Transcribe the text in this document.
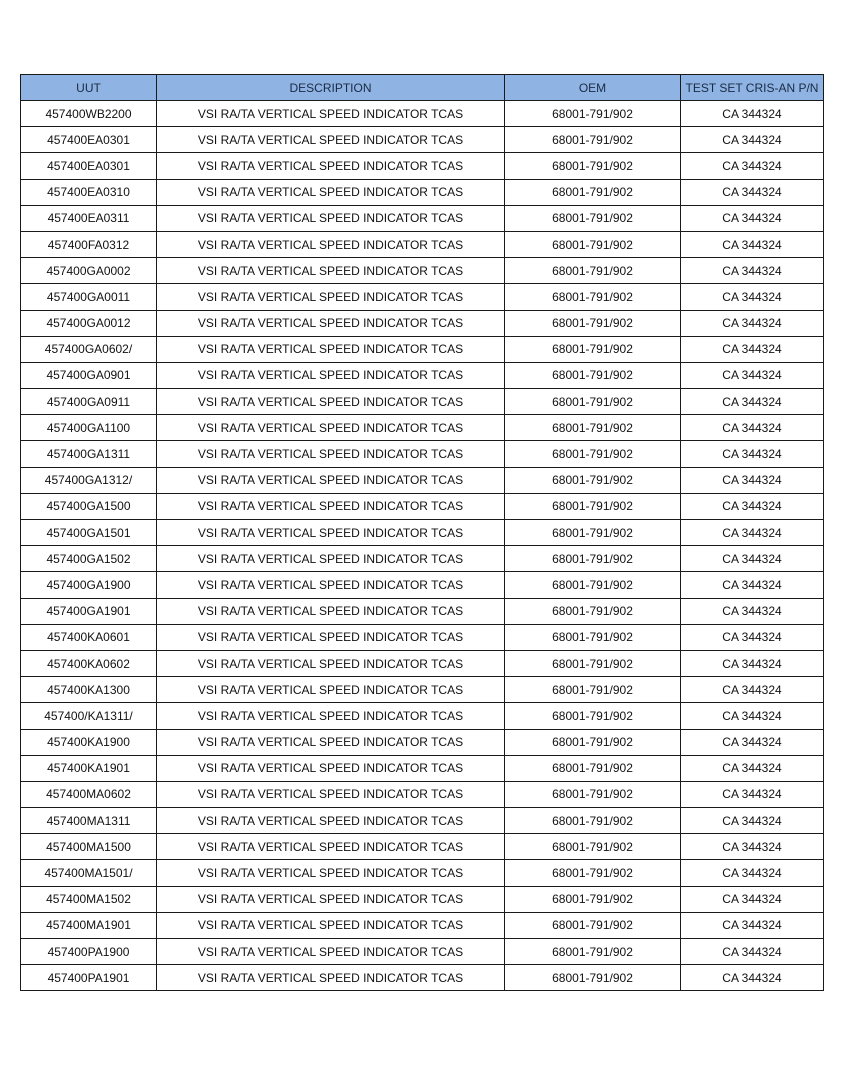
UUT	DESCRIPTION	OEM	TEST SET CRIS-AN P/N
457400WB2200	VSI RA/TA VERTICAL SPEED INDICATOR TCAS	68001-791/902	CA 344324
457400EA0301	VSI RA/TA VERTICAL SPEED INDICATOR TCAS	68001-791/902	CA 344324
457400EA0301	VSI RA/TA VERTICAL SPEED INDICATOR TCAS	68001-791/902	CA 344324
457400EA0310	VSI RA/TA VERTICAL SPEED INDICATOR TCAS	68001-791/902	CA 344324
457400EA0311	VSI RA/TA VERTICAL SPEED INDICATOR TCAS	68001-791/902	CA 344324
457400FA0312	VSI RA/TA VERTICAL SPEED INDICATOR TCAS	68001-791/902	CA 344324
457400GA0002	VSI RA/TA VERTICAL SPEED INDICATOR TCAS	68001-791/902	CA 344324
457400GA0011	VSI RA/TA VERTICAL SPEED INDICATOR TCAS	68001-791/902	CA 344324
457400GA0012	VSI RA/TA VERTICAL SPEED INDICATOR TCAS	68001-791/902	CA 344324
457400GA0602/	VSI RA/TA VERTICAL SPEED INDICATOR TCAS	68001-791/902	CA 344324
457400GA0901	VSI RA/TA VERTICAL SPEED INDICATOR TCAS	68001-791/902	CA 344324
457400GA0911	VSI RA/TA VERTICAL SPEED INDICATOR TCAS	68001-791/902	CA 344324
457400GA1100	VSI RA/TA VERTICAL SPEED INDICATOR TCAS	68001-791/902	CA 344324
457400GA1311	VSI RA/TA VERTICAL SPEED INDICATOR TCAS	68001-791/902	CA 344324
457400GA1312/	VSI RA/TA VERTICAL SPEED INDICATOR TCAS	68001-791/902	CA 344324
457400GA1500	VSI RA/TA VERTICAL SPEED INDICATOR TCAS	68001-791/902	CA 344324
457400GA1501	VSI RA/TA VERTICAL SPEED INDICATOR TCAS	68001-791/902	CA 344324
457400GA1502	VSI RA/TA VERTICAL SPEED INDICATOR TCAS	68001-791/902	CA 344324
457400GA1900	VSI RA/TA VERTICAL SPEED INDICATOR TCAS	68001-791/902	CA 344324
457400GA1901	VSI RA/TA VERTICAL SPEED INDICATOR TCAS	68001-791/902	CA 344324
457400KA0601	VSI RA/TA VERTICAL SPEED INDICATOR TCAS	68001-791/902	CA 344324
457400KA0602	VSI RA/TA VERTICAL SPEED INDICATOR TCAS	68001-791/902	CA 344324
457400KA1300	VSI RA/TA VERTICAL SPEED INDICATOR TCAS	68001-791/902	CA 344324
457400/KA1311/	VSI RA/TA VERTICAL SPEED INDICATOR TCAS	68001-791/902	CA 344324
457400KA1900	VSI RA/TA VERTICAL SPEED INDICATOR TCAS	68001-791/902	CA 344324
457400KA1901	VSI RA/TA VERTICAL SPEED INDICATOR TCAS	68001-791/902	CA 344324
457400MA0602	VSI RA/TA VERTICAL SPEED INDICATOR TCAS	68001-791/902	CA 344324
457400MA1311	VSI RA/TA VERTICAL SPEED INDICATOR TCAS	68001-791/902	CA 344324
457400MA1500	VSI RA/TA VERTICAL SPEED INDICATOR TCAS	68001-791/902	CA 344324
457400MA1501/	VSI RA/TA VERTICAL SPEED INDICATOR TCAS	68001-791/902	CA 344324
457400MA1502	VSI RA/TA VERTICAL SPEED INDICATOR TCAS	68001-791/902	CA 344324
457400MA1901	VSI RA/TA VERTICAL SPEED INDICATOR TCAS	68001-791/902	CA 344324
457400PA1900	VSI RA/TA VERTICAL SPEED INDICATOR TCAS	68001-791/902	CA 344324
457400PA1901	VSI RA/TA VERTICAL SPEED INDICATOR TCAS	68001-791/902	CA 344324
